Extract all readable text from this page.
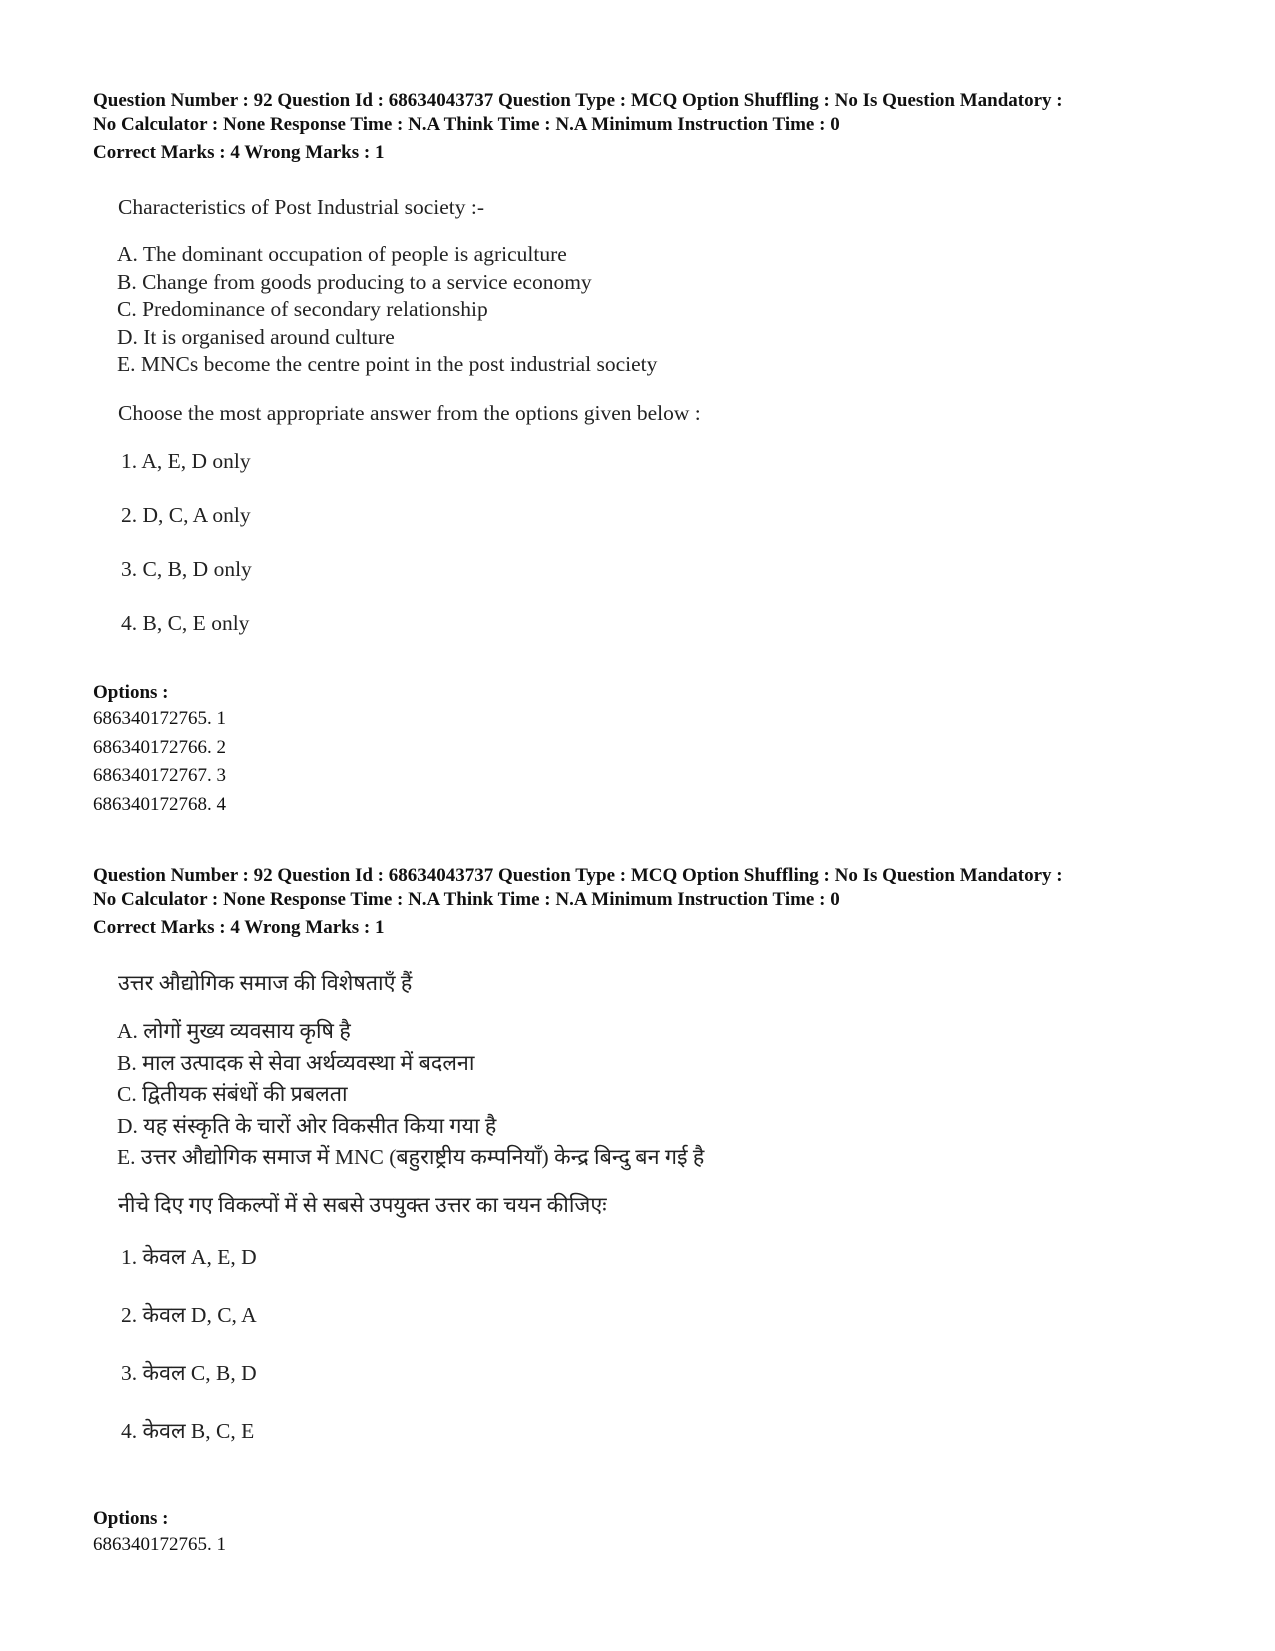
Question Number : 92 Question Id : 68634043737 Question Type : MCQ Option Shuffling : No Is Question Mandatory :
No Calculator : None Response Time : N.A Think Time : N.A Minimum Instruction Time : 0
Correct Marks : 4 Wrong Marks : 1
Characteristics of Post Industrial society :-
A. The dominant occupation of people is agriculture
B. Change from goods producing to a service economy
C. Predominance of secondary relationship
D. It is organised around culture
E. MNCs become the centre point in the post industrial society
Choose the most appropriate answer from the options given below :
1. A, E, D only
2. D, C, A only
3. C, B, D only
4. B, C, E only
Options :
686340172765. 1
686340172766. 2
686340172767. 3
686340172768. 4
Question Number : 92 Question Id : 68634043737 Question Type : MCQ Option Shuffling : No Is Question Mandatory :
No Calculator : None Response Time : N.A Think Time : N.A Minimum Instruction Time : 0
Correct Marks : 4 Wrong Marks : 1
उत्तर औद्योगिक समाज की विशेषताएँ हैं
A. लोगों मुख्य व्यवसाय कृषि है
B. माल उत्पादक से सेवा अर्थव्यवस्था में बदलना
C. द्वितीयक संबंधों की प्रबलता
D. यह संस्कृति के चारों ओर विकसीत किया गया है
E. उत्तर औद्योगिक समाज में MNC (बहुराष्ट्रीय कम्पनियाँ) केन्द्र बिन्दु बन गई है
नीचे दिए गए विकल्पों में से सबसे उपयुक्त उत्तर का चयन कीजिएः
1. केवल A, E, D
2. केवल D, C, A
3. केवल C, B, D
4. केवल B, C, E
Options :
686340172765. 1
